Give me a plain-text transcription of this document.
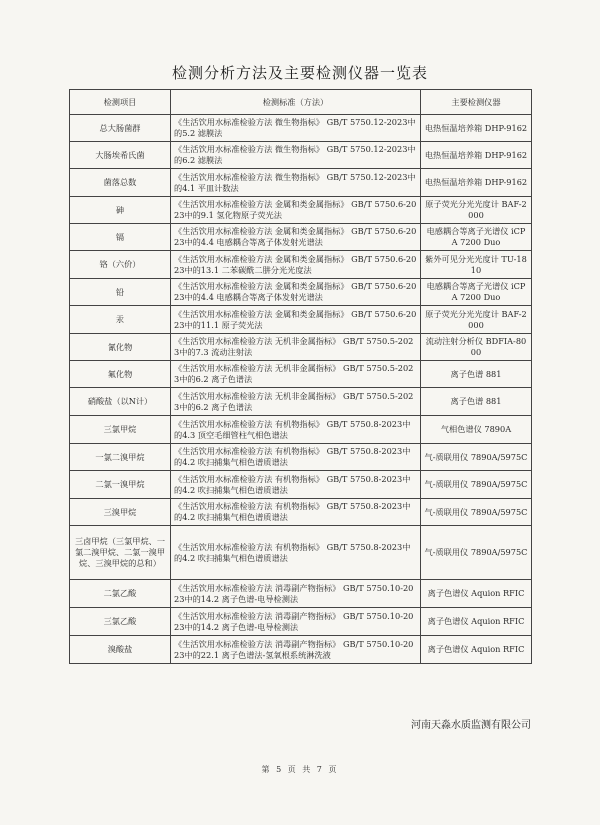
检测分析方法及主要检测仪器一览表
检测项目	检测标准（方法）	主要检测仪器
总大肠菌群	《生活饮用水标准检验方法 微生物指标》 GB/T 5750.12-2023中的5.2 滤膜法	电热恒温培养箱 DHP-9162
大肠埃希氏菌	《生活饮用水标准检验方法 微生物指标》 GB/T 5750.12-2023中的6.2 滤膜法	电热恒温培养箱 DHP-9162
菌落总数	《生活饮用水标准检验方法 微生物指标》 GB/T 5750.12-2023中的4.1 平皿计数法	电热恒温培养箱 DHP-9162
砷	《生活饮用水标准检验方法 金属和类金属指标》 GB/T 5750.6-2023中的9.1 氢化物原子荧光法	原子荧光分光光度计 BAF-2000
镉	《生活饮用水标准检验方法 金属和类金属指标》 GB/T 5750.6-2023中的4.4 电感耦合等离子体发射光谱法	电感耦合等离子光谱仪 iCPA 7200 Duo
铬（六价）	《生活饮用水标准检验方法 金属和类金属指标》 GB/T 5750.6-2023中的13.1 二苯碳酰二肼分光光度法	紫外可见分光光度计 TU-1810
铅	《生活饮用水标准检验方法 金属和类金属指标》 GB/T 5750.6-2023中的4.4 电感耦合等离子体发射光谱法	电感耦合等离子光谱仪 iCPA 7200 Duo
汞	《生活饮用水标准检验方法 金属和类金属指标》 GB/T 5750.6-2023中的11.1 原子荧光法	原子荧光分光光度计 BAF-2000
氰化物	《生活饮用水标准检验方法 无机非金属指标》 GB/T 5750.5-2023中的7.3 流动注射法	流动注射分析仪 BDFIA-8000
氟化物	《生活饮用水标准检验方法 无机非金属指标》 GB/T 5750.5-2023中的6.2 离子色谱法	离子色谱 881
硝酸盐（以N计）	《生活饮用水标准检验方法 无机非金属指标》 GB/T 5750.5-2023中的6.2 离子色谱法	离子色谱 881
三氯甲烷	《生活饮用水标准检验方法 有机物指标》 GB/T 5750.8-2023中的4.3 顶空毛细管柱气相色谱法	气相色谱仪 7890A
一氯二溴甲烷	《生活饮用水标准检验方法 有机物指标》 GB/T 5750.8-2023中的4.2 吹扫捕集气相色谱质谱法	气-质联用仪 7890A/5975C
二氯一溴甲烷	《生活饮用水标准检验方法 有机物指标》 GB/T 5750.8-2023中的4.2 吹扫捕集气相色谱质谱法	气-质联用仪 7890A/5975C
三溴甲烷	《生活饮用水标准检验方法 有机物指标》 GB/T 5750.8-2023中的4.2 吹扫捕集气相色谱质谱法	气-质联用仪 7890A/5975C
三卤甲烷（三氯甲烷、一氯二溴甲烷、二氯一溴甲烷、三溴甲烷的总和）	《生活饮用水标准检验方法 有机物指标》 GB/T 5750.8-2023中的4.2 吹扫捕集气相色谱质谱法	气-质联用仪 7890A/5975C
二氯乙酸	《生活饮用水标准检验方法 消毒副产物指标》 GB/T 5750.10-2023中的14.2 离子色谱-电导检测法	离子色谱仪 Aquion RFIC
三氯乙酸	《生活饮用水标准检验方法 消毒副产物指标》 GB/T 5750.10-2023中的14.2 离子色谱-电导检测法	离子色谱仪 Aquion RFIC
溴酸盐	《生活饮用水标准检验方法 消毒副产物指标》 GB/T 5750.10-2023中的22.1 离子色谱法-氢氧根系统淋洗液	离子色谱仪 Aquion RFIC
河南天淼水质监测有限公司
第 5 页 共 7 页
